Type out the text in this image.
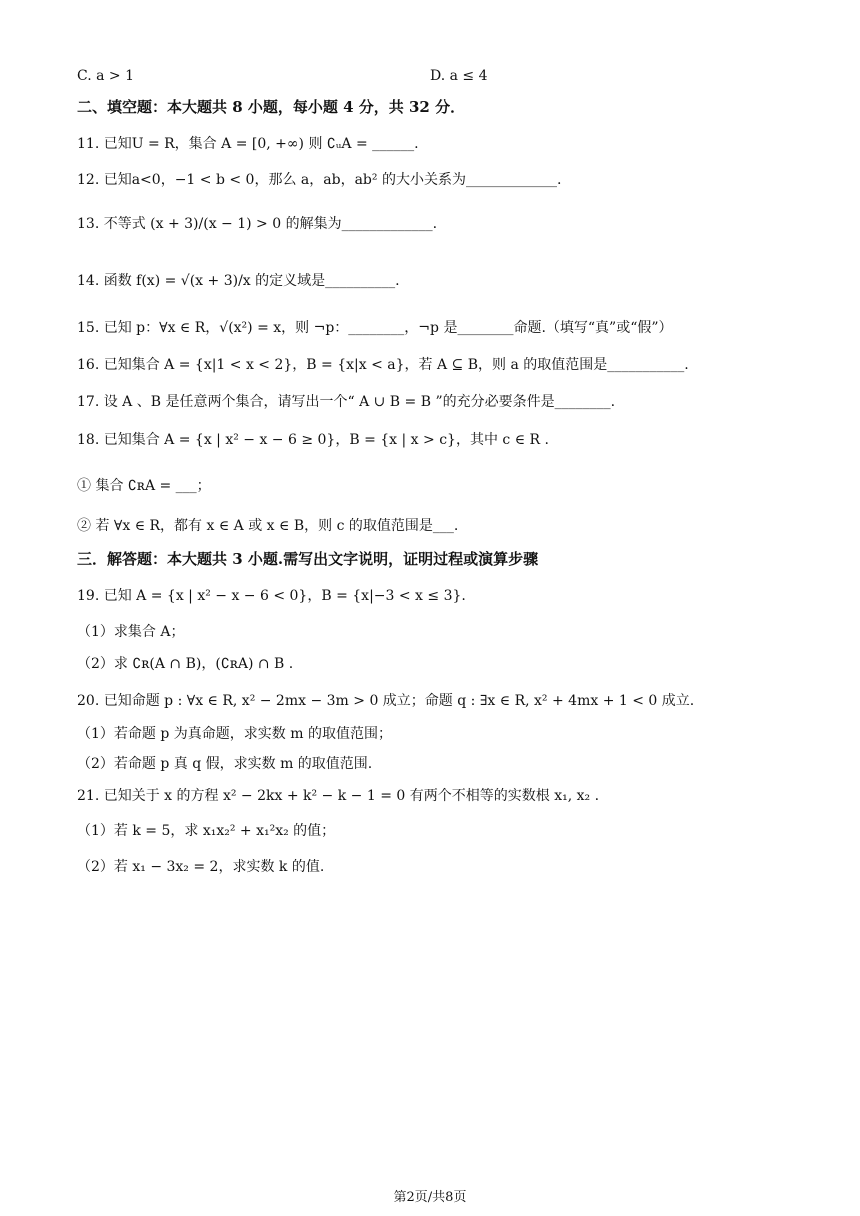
C. a > 1	D. a ≤ 4
二、填空题：本大题共 8 小题，每小题 4 分，共 32 分．
11. 已知U = R，集合 A = [0, +∞) 则 ∁ᵤA = ______.
12. 已知a<0，−1 < b < 0，那么 a，ab，ab² 的大小关系为_____________.
13. 不等式 (x + 3)/(x − 1) > 0 的解集为_____________.
14. 函数 f(x) = √(x + 3)/x 的定义域是__________.
15. 已知 p：∀x ∈ R，√(x²) = x，则 ¬p：________，¬p 是________命题.（填写“真”或“假”）
16. 已知集合 A = {x|1 < x < 2}，B = {x|x < a}，若 A ⊆ B，则 a 的取值范围是___________.
17. 设 A 、B 是任意两个集合，请写出一个“ A ∪ B = B ”的充分必要条件是________.
18. 已知集合 A = {x | x² − x − 6 ≥ 0}，B = {x | x > c}，其中 c ∈ R .
① 集合 ∁ʀA = ___；
② 若 ∀x ∈ R，都有 x ∈ A 或 x ∈ B，则 c 的取值范围是___.
三．解答题：本大题共 3 小题.需写出文字说明，证明过程或演算步骤
19. 已知 A = {x | x² − x − 6 < 0}，B = {x|−3 < x ≤ 3}.
（1）求集合 A；
（2）求 ∁ʀ(A ∩ B)，(∁ʀA) ∩ B .
20. 已知命题 p : ∀x ∈ R, x² − 2mx − 3m > 0 成立；命题 q : ∃x ∈ R, x² + 4mx + 1 < 0 成立.
（1）若命题 p 为真命题，求实数 m 的取值范围；
（2）若命题 p 真 q 假，求实数 m 的取值范围.
21. 已知关于 x 的方程 x² − 2kx + k² − k − 1 = 0 有两个不相等的实数根 x₁, x₂ .
（1）若 k = 5，求 x₁x₂² + x₁²x₂ 的值；
（2）若 x₁ − 3x₂ = 2，求实数 k 的值.
第2页/共8页
